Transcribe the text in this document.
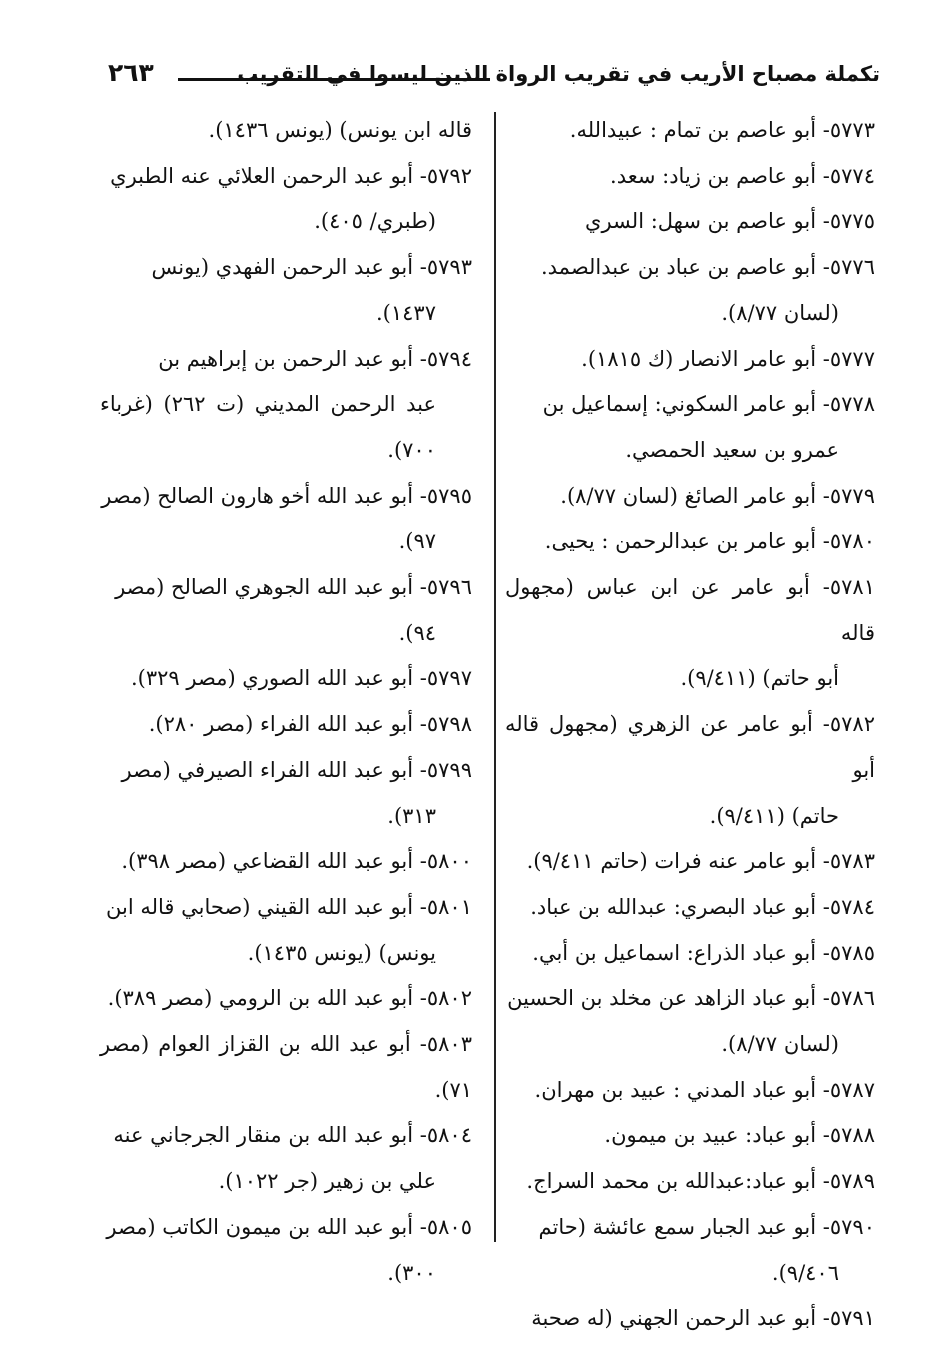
تكملة مصباح الأريب في تقريب الرواة الذين ليسوا في التقريب
٢٦٣
٥٧٧٣- أبو عاصم بن تمام : عبيدالله.
٥٧٧٤- أبو عاصم بن زياد: سعد.
٥٧٧٥- أبو عاصم بن سهل: السري
٥٧٧٦- أبو عاصم بن عباد بن عبدالصمد.
(لسان ٨/٧٧).
٥٧٧٧- أبو عامر الانصار (ك ١٨١٥).
٥٧٧٨- أبو عامر السكوني: إسماعيل بن
عمرو بن سعيد الحمصي.
٥٧٧٩- أبو عامر الصائغ (لسان ٨/٧٧).
٥٧٨٠- أبو عامر بن عبدالرحمن : يحيى.
٥٧٨١- أبو عامر عن ابن عباس (مجهول قاله
أبو حاتم) (٩/٤١١).
٥٧٨٢- أبو عامر عن الزهري (مجهول قاله أبو
حاتم) (٩/٤١١).
٥٧٨٣- أبو عامر عنه فرات (حاتم ٩/٤١١).
٥٧٨٤- أبو عباد البصري: عبدالله بن عباد.
٥٧٨٥- أبو عباد الذراع: اسماعيل بن أبي.
٥٧٨٦- أبو عباد الزاهد عن مخلد بن الحسين
(لسان ٨/٧٧).
٥٧٨٧- أبو عباد المدني : عبيد بن مهران.
٥٧٨٨- أبو عباد: عبيد بن ميمون.
٥٧٨٩- أبو عباد:عبدالله بن محمد السراج.
٥٧٩٠- أبو عبد الجبار سمع عائشة (حاتم
٩/٤٠٦).
٥٧٩١- أبو عبد الرحمن الجهني (له صحبة
قاله ابن يونس) (يونس ١٤٣٦).
٥٧٩٢- أبو عبد الرحمن العلائي عنه الطبري
(طبري/ ٤٠٥).
٥٧٩٣- أبو عبد الرحمن الفهدي (يونس
١٤٣٧).
٥٧٩٤- أبو عبد الرحمن بن إبراهيم بن
عبد الرحمن المديني (ت ٢٦٢) (غرباء ٧٠٠).
٥٧٩٥- أبو عبد الله أخو هارون الصالح (مصر
٩٧).
٥٧٩٦- أبو عبد الله الجوهري الصالح (مصر
٩٤).
٥٧٩٧- أبو عبد الله الصوري (مصر ٣٢٩).
٥٧٩٨- أبو عبد الله الفراء (مصر ٢٨٠).
٥٧٩٩- أبو عبد الله الفراء الصيرفي (مصر
٣١٣).
٥٨٠٠- أبو عبد الله القضاعي (مصر ٣٩٨).
٥٨٠١- أبو عبد الله القيني (صحابي قاله ابن
يونس) (يونس ١٤٣٥).
٥٨٠٢- أبو عبد الله بن الرومي (مصر ٣٨٩).
٥٨٠٣- أبو عبد الله بن القزاز العوام (مصر ٧١).
٥٨٠٤- أبو عبد الله بن منقار الجرجاني عنه
علي بن زهير (جر ١٠٢٢).
٥٨٠٥- أبو عبد الله بن ميمون الكاتب (مصر
٣٠٠).
